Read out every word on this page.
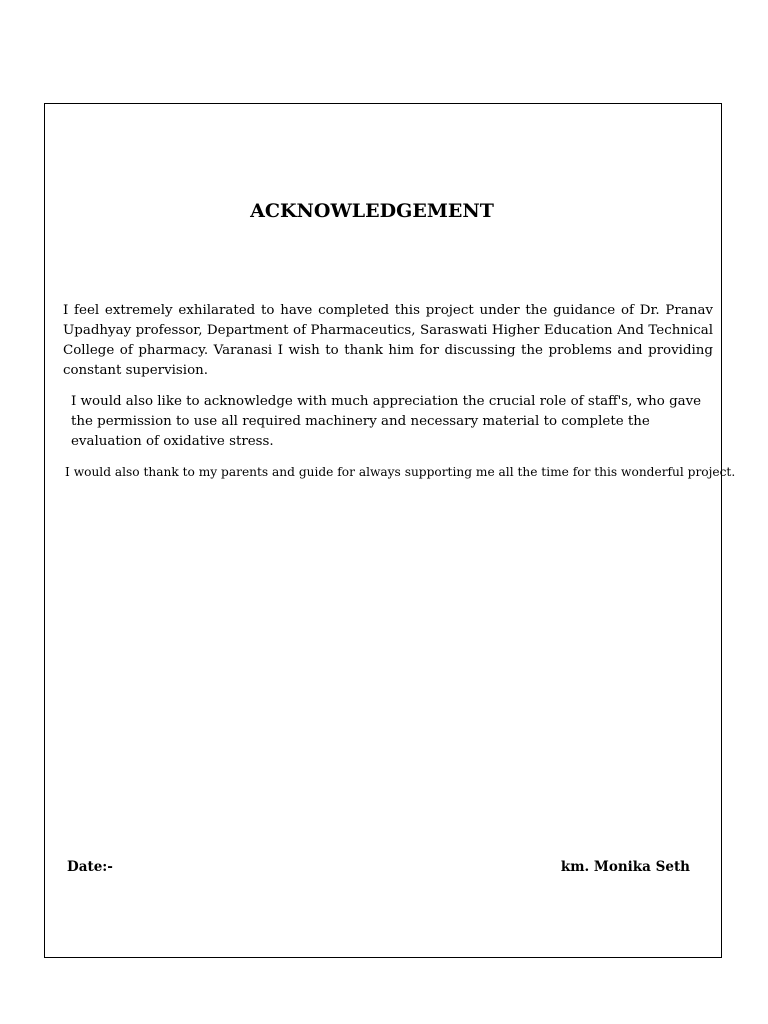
ACKNOWLEDGEMENT
I feel extremely exhilarated to have completed this project under the guidance of Dr. Pranav Upadhyay professor, Department of Pharmaceutics, Saraswati Higher Education And Technical College of pharmacy. Varanasi I wish to thank him for discussing the problems and providing constant supervision.
I would also like to acknowledge with much appreciation the crucial role of staff's, who gave the permission to use all required machinery and necessary material to complete the evaluation of oxidative stress.
I would also thank to my parents and guide for always supporting me all the time for this wonderful project.
Date:-	km. Monika Seth
